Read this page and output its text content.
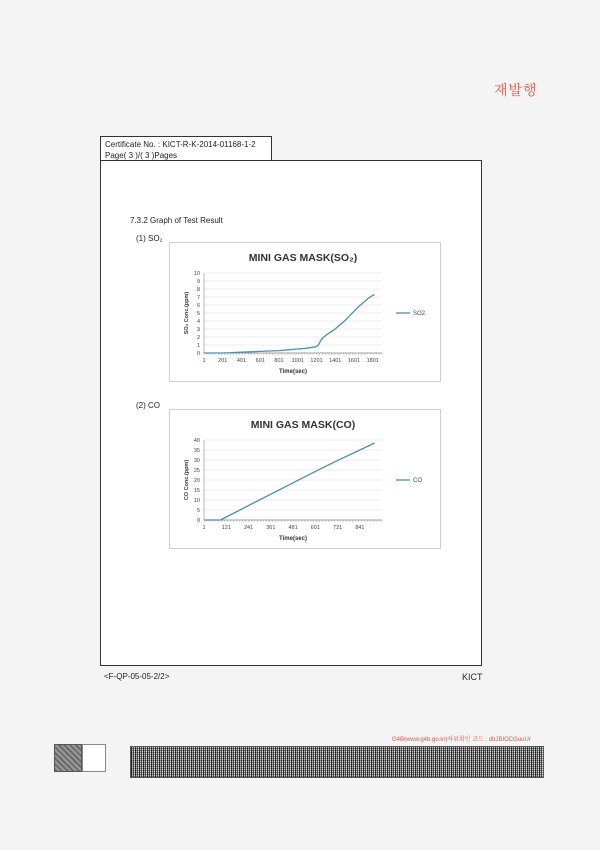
재발행
Certificate No. : KICT-R-K-2014-01168-1-2
Page( 3 )/( 3 )Pages
7.3.2 Graph of Test Result
(1) SO₂
(2) CO
MINI GAS MASK(SO₂)
0
1
2
3
4
5
6
7
8
9
10
1 201 401 601 801 1001 1201 1401 1601 1801
Time(sec)
SO₂ Conc.(ppm)	SO2
MINI GAS MASK(CO)
0
5
10
15
20
25
30
35
40
1	121 241 361 481 601 721 841
Time(sec)
CO Conc.(ppm)	CO
<F-QP-05-05-2/2>	KICT
G4B(www.g4b.go.kr)차위확인 코드 : dbJBIOCGuuUr
